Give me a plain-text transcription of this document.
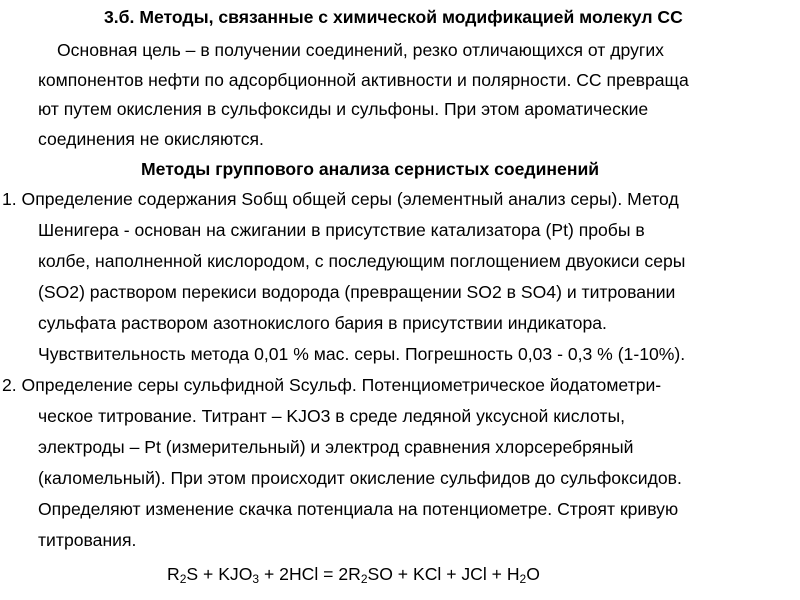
3.б. Методы, связанные с химической модификацией молекул СС
Основная цель – в получении соединений, резко отличающихся от других
компонентов нефти по адсорбционной активности и полярности. СС превраща
ют путем окисления в сульфоксиды и сульфоны. При этом ароматические
соединения не окисляются.
Методы группового анализа сернистых соединений
1. Определение содержания Sобщ общей серы (элементный анализ серы). Метод
Шенигера - основан на сжигании в присутствие катализатора (Pt) пробы в
колбе, наполненной кислородом, с последующим поглощением двуокиси серы
(SO2) раствором перекиси водорода (превращении SO2 в SO4) и титровании
сульфата раствором азотнокислого бария в присутствии индикатора.
Чувствительность метода 0,01 % мас. серы. Погрешность 0,03 - 0,3 % (1-10%).
2. Определение серы сульфидной Sсульф. Потенциометрическое йодатометри-
ческое титрование. Титрант – KJO3 в среде ледяной уксусной кислоты,
электроды – Pt (измерительный) и электрод сравнения хлорсеребряный
(каломельный). При этом происходит окисление сульфидов до сульфоксидов.
Определяют изменение скачка потенциала на потенциометре. Строят кривую
титрования.
$R_2S + KJO_3 + 2HCl = 2R_2SO$ + KCl + JCl + $H_2O$
